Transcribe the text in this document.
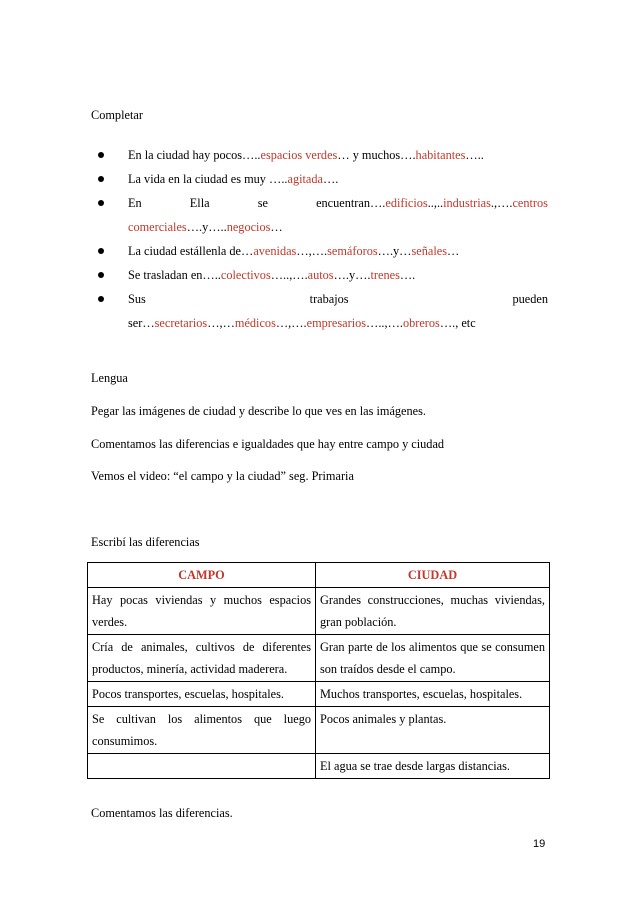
Completar
En la ciudad hay pocos…..espacios verdes… y muchos….habitantes…..
La vida en la ciudad es muy …..agitada….
En	Ella	se	encuentran….edificios..,..industrias.,….centros
comerciales….y…..negocios…
La ciudad estállenla de…avenidas…,….semáforos….y…señales…
Se trasladan en…..colectivos…..,….autos….y….trenes….
Sus	trabajos	pueden
ser…secretarios…,…médicos…,….empresarios…..,….obreros…., etc
Lengua
Pegar las imágenes de ciudad y describe lo que ves en las imágenes.
Comentamos las diferencias e igualdades que hay entre campo y ciudad
Vemos el video: “el campo y la ciudad” seg. Primaria
Escribí las diferencias
CAMPO	CIUDAD
Hay pocas viviendas y muchos espacios verdes.	Grandes construcciones, muchas viviendas, gran población.
Cría de animales, cultivos de diferentes productos, minería, actividad maderera.	Gran parte de los alimentos que se consumen son traídos desde el campo.
Pocos transportes, escuelas, hospitales.	Muchos transportes, escuelas, hospitales.
Se cultivan los alimentos que luego consumimos.	Pocos animales y plantas.
	El agua se trae desde largas distancias.
Comentamos las diferencias.
19
